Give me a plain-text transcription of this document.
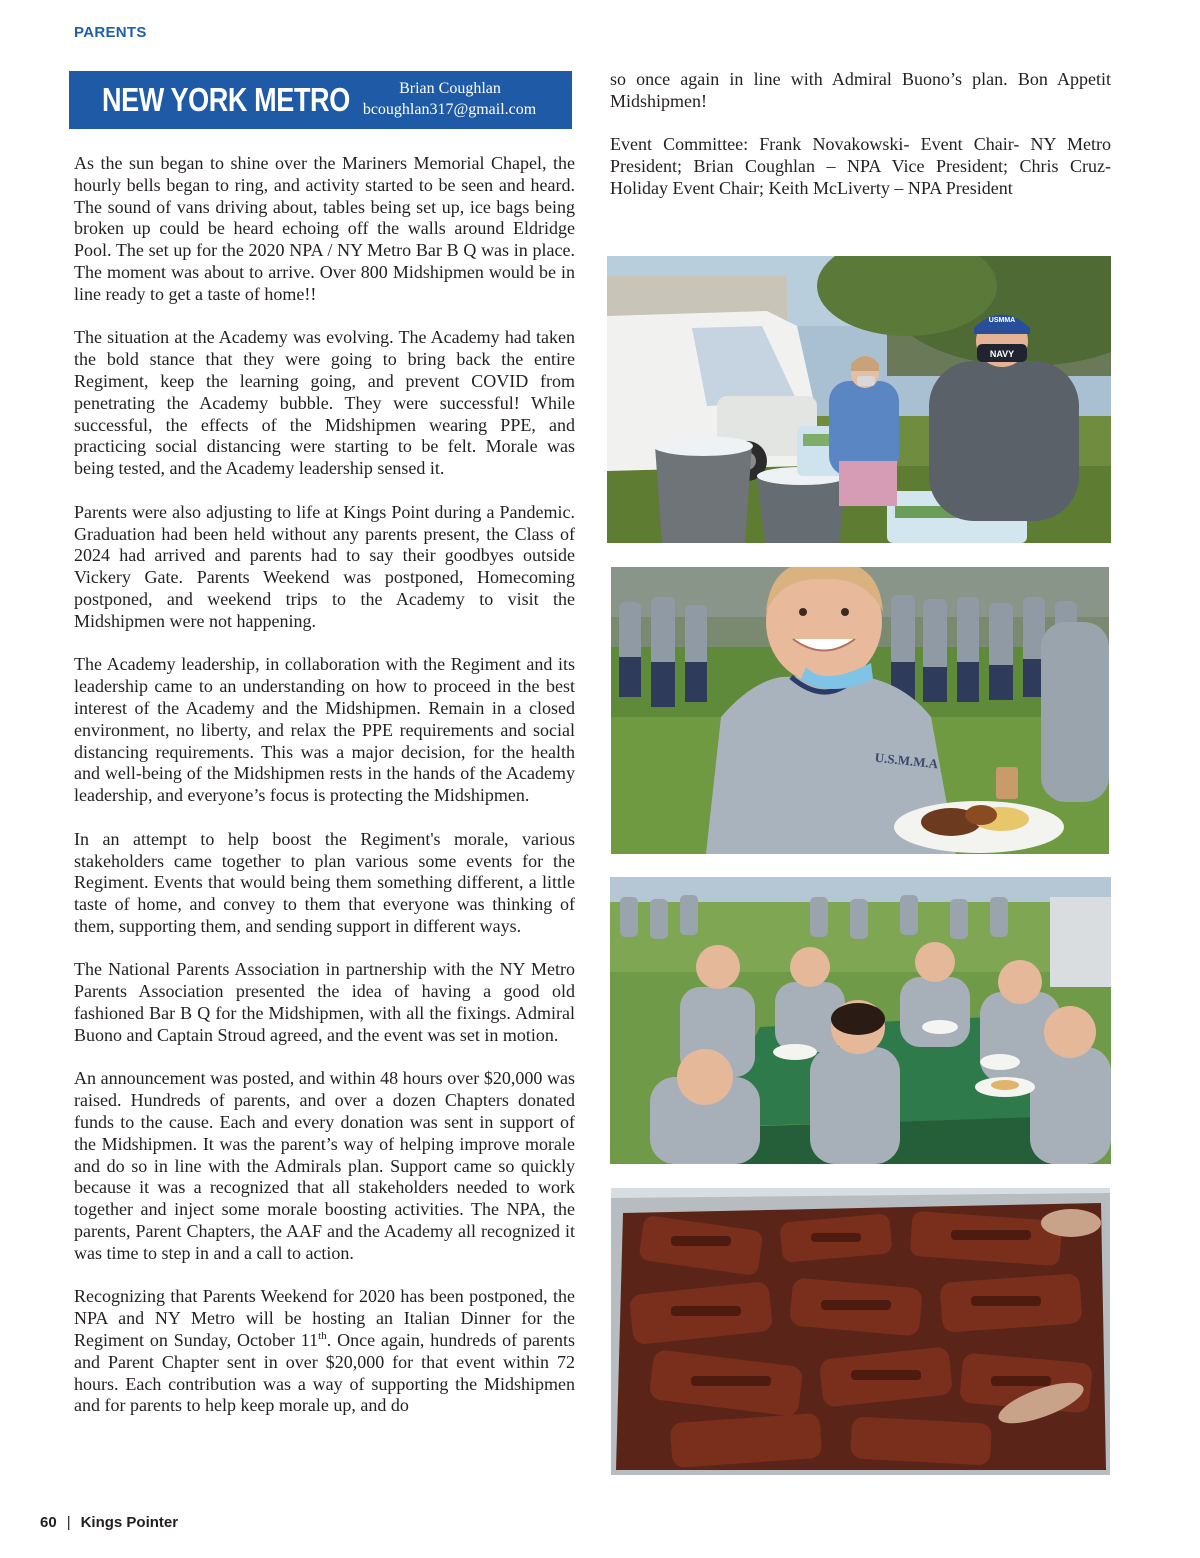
PARENTS
NEW YORK METRO	Brian Coughlan
bcoughlan317@gmail.com

As the sun began to shine over the Mariners Memorial Chapel, the hourly bells began to ring, and activity started to be seen and heard. The sound of vans driving about, tables being set up, ice bags being broken up could be heard echoing off the walls around Eldridge Pool. The set up for the 2020 NPA / NY Metro Bar B Q was in place. The moment was about to arrive. Over 800 Midshipmen would be in line ready to get a taste of home!!

The situation at the Academy was evolving. The Academy had taken the bold stance that they were going to bring back the entire Regiment, keep the learning going, and prevent COVID from penetrating the Academy bubble. They were successful! While successful, the effects of the Midshipmen wearing PPE, and practicing social distancing were starting to be felt. Morale was being tested, and the Academy leadership sensed it.

Parents were also adjusting to life at Kings Point during a Pandemic. Graduation had been held without any parents present, the Class of 2024 had arrived and parents had to say their goodbyes outside Vickery Gate. Parents Weekend was postponed, Homecoming postponed, and weekend trips to the Academy to visit the Midshipmen were not happening.

The Academy leadership, in collaboration with the Regiment and its leadership came to an understanding on how to proceed in the best interest of the Academy and the Midshipmen. Remain in a closed environment, no liberty, and relax the PPE requirements and social distancing requirements. This was a major decision, for the health and well-being of the Midshipmen rests in the hands of the Academy leadership, and everyone’s focus is protecting the Midshipmen.

In an attempt to help boost the Regiment's morale, various stakeholders came together to plan various some events for the Regiment. Events that would being them something different, a little taste of home, and convey to them that everyone was thinking of them, supporting them, and sending support in different ways.

The National Parents Association in partnership with the NY Metro Parents Association presented the idea of having a good old fashioned Bar B Q for the Midshipmen, with all the fixings. Admiral Buono and Captain Stroud agreed, and the event was set in motion.

An announcement was posted, and within 48 hours over $20,000 was raised. Hundreds of parents, and over a dozen Chapters donated funds to the cause. Each and every donation was sent in support of the Midshipmen. It was the parent’s way of helping improve morale and do so in line with the Admirals plan. Support came so quickly because it was a recognized that all stakeholders needed to work together and inject some morale boosting activities. The NPA, the parents, Parent Chapters, the AAF and the Academy all recognized it was time to step in and a call to action.

Recognizing that Parents Weekend for 2020 has been postponed, the NPA and NY Metro will be hosting an Italian Dinner for the Regiment on Sunday, October 11th. Once again, hundreds of parents and Parent Chapter sent in over $20,000 for that event within 72 hours. Each contribution was a way of supporting the Midshipmen and for parents to help keep morale up, and do

so once again in line with Admiral Buono’s plan. Bon Appetit Midshipmen!

Event Committee: Frank Novakowski- Event Chair- NY Metro President; Brian Coughlan – NPA Vice President; Chris Cruz-Holiday Event Chair; Keith McLiverty – NPA President

USMMA
NAVY
U.S.M.M.A
60 | Kings Pointer
